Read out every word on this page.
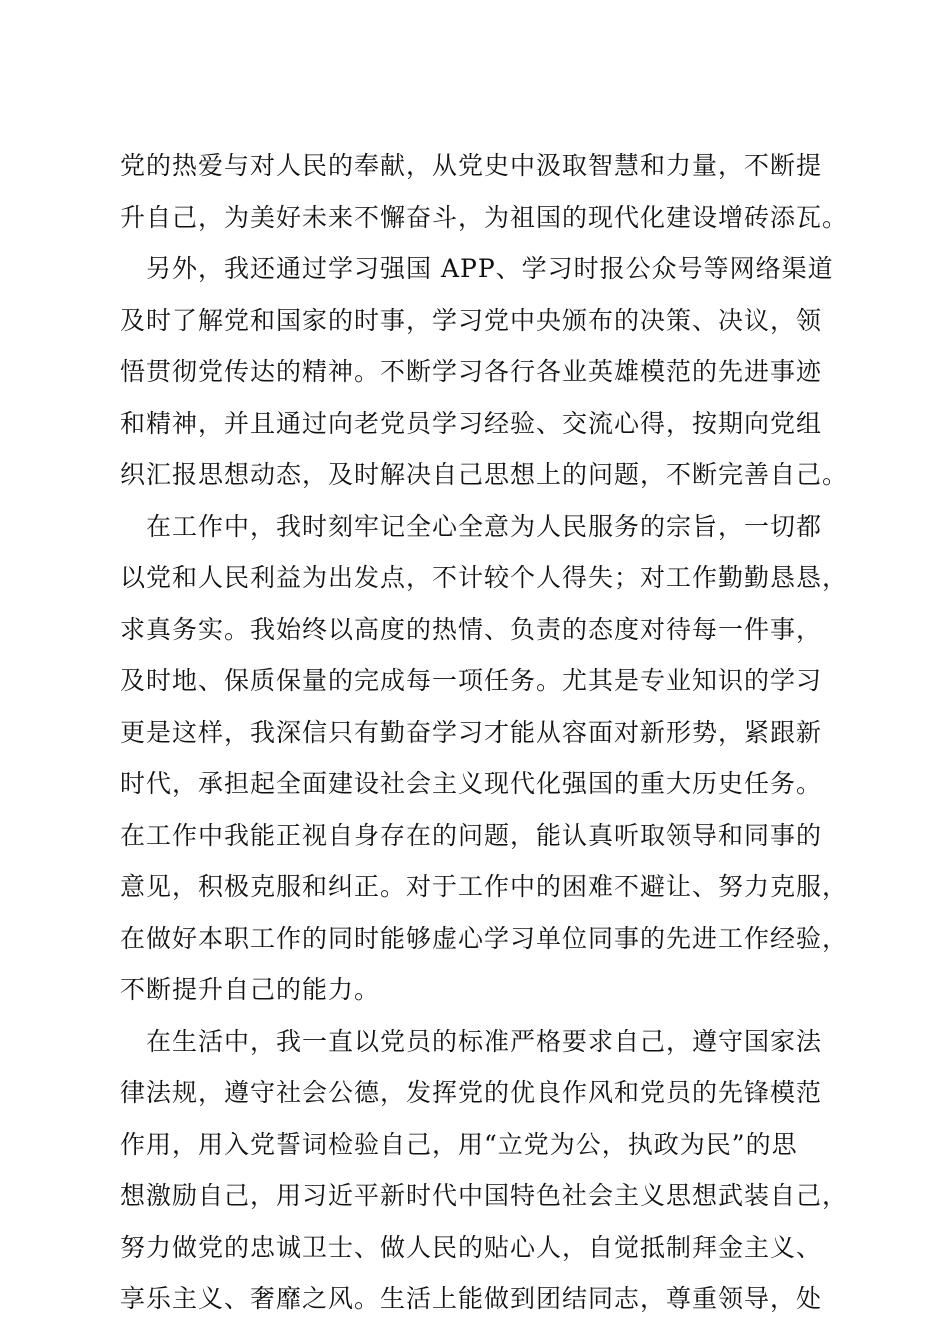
党的热爱与对人民的奉献，从党史中汲取智慧和力量，不断提
升自己，为美好未来不懈奋斗，为祖国的现代化建设增砖添瓦。
　另外，我还通过学习强国 APP、学习时报公众号等网络渠道
及时了解党和国家的时事，学习党中央颁布的决策、决议，领
悟贯彻党传达的精神。不断学习各行各业英雄模范的先进事迹
和精神，并且通过向老党员学习经验、交流心得，按期向党组
织汇报思想动态，及时解决自己思想上的问题，不断完善自己。
　在工作中，我时刻牢记全心全意为人民服务的宗旨，一切都
以党和人民利益为出发点，不计较个人得失；对工作勤勤恳恳，
求真务实。我始终以高度的热情、负责的态度对待每一件事，
及时地、保质保量的完成每一项任务。尤其是专业知识的学习
更是这样，我深信只有勤奋学习才能从容面对新形势，紧跟新
时代，承担起全面建设社会主义现代化强国的重大历史任务。
在工作中我能正视自身存在的问题，能认真听取领导和同事的
意见，积极克服和纠正。对于工作中的困难不避让、努力克服，
在做好本职工作的同时能够虚心学习单位同事的先进工作经验，
不断提升自己的能力。
　在生活中，我一直以党员的标准严格要求自己，遵守国家法
律法规，遵守社会公德，发挥党的优良作风和党员的先锋模范
作用，用入党誓词检验自己，用“立党为公，执政为民”的思
想激励自己，用习近平新时代中国特色社会主义思想武装自己，
努力做党的忠诚卫士、做人民的贴心人，自觉抵制拜金主义、
享乐主义、奢靡之风。生活上能做到团结同志，尊重领导，处
